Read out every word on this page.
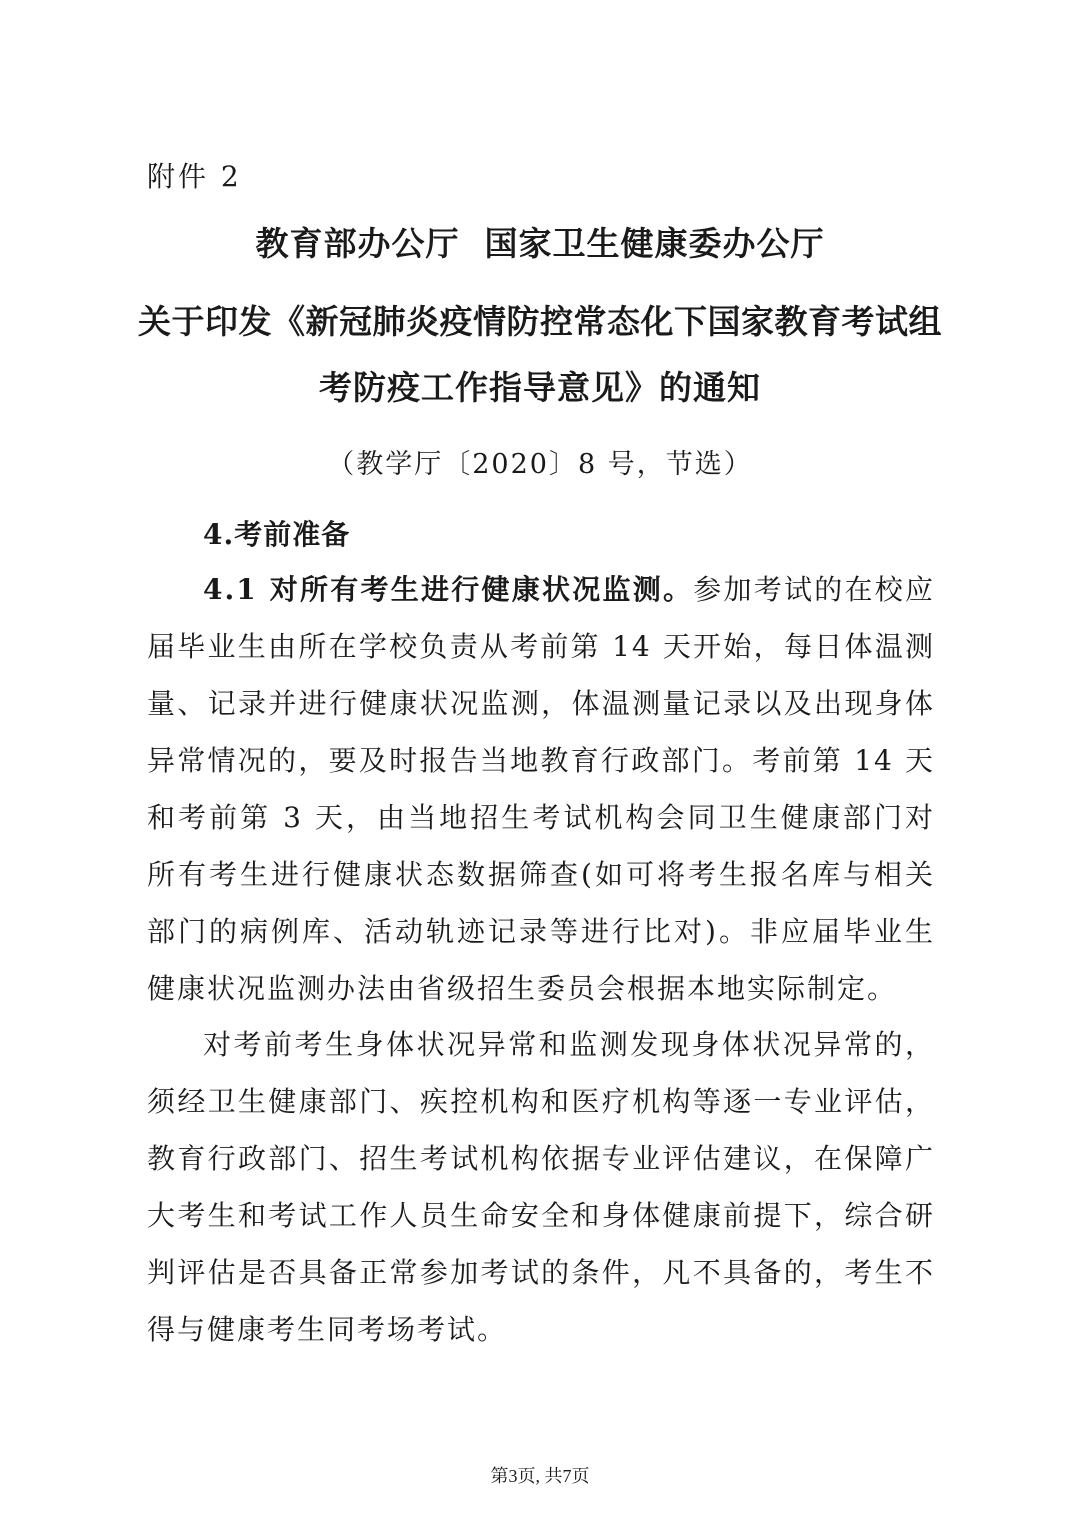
附件 2
教育部办公厅  国家卫生健康委办公厅
关于印发《新冠肺炎疫情防控常态化下国家教育考试组
考防疫工作指导意见》的通知
（教学厅〔2020〕8 号，节选）
4.考前准备
4.1 对所有考生进行健康状况监测。参加考试的在校应届毕业生由所在学校负责从考前第 14 天开始，每日体温测量、记录并进行健康状况监测，体温测量记录以及出现身体异常情况的，要及时报告当地教育行政部门。考前第 14 天和考前第 3 天，由当地招生考试机构会同卫生健康部门对所有考生进行健康状态数据筛查(如可将考生报名库与相关部门的病例库、活动轨迹记录等进行比对)。非应届毕业生健康状况监测办法由省级招生委员会根据本地实际制定。
对考前考生身体状况异常和监测发现身体状况异常的，须经卫生健康部门、疾控机构和医疗机构等逐一专业评估，教育行政部门、招生考试机构依据专业评估建议，在保障广大考生和考试工作人员生命安全和身体健康前提下，综合研判评估是否具备正常参加考试的条件，凡不具备的，考生不得与健康考生同考场考试。
第3页, 共7页
